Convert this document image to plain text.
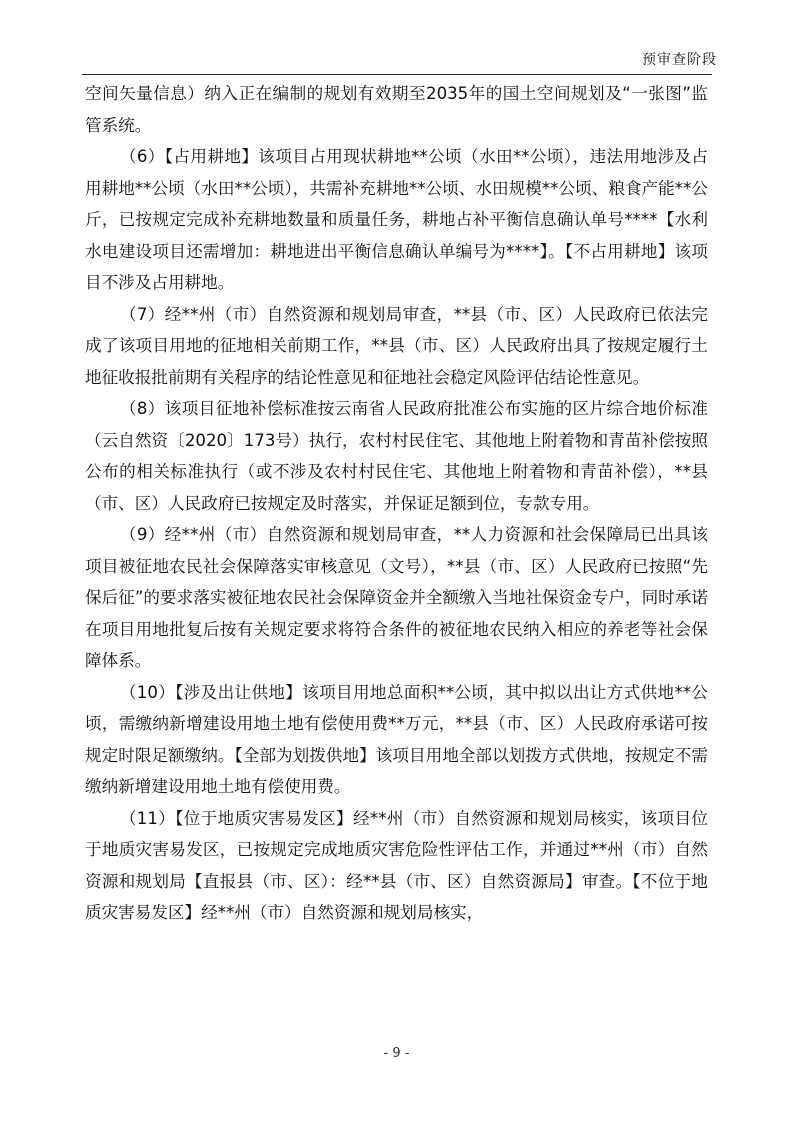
预审查阶段

空间矢量信息）纳入正在编制的规划有效期至2035年的国土空间规划及“一张图”监管系统。

（6）【占用耕地】该项目占用现状耕地**公顷（水田**公顷），违法用地涉及占用耕地**公顷（水田**公顷），共需补充耕地**公顷、水田规模**公顷、粮食产能**公斤，已按规定完成补充耕地数量和质量任务，耕地占补平衡信息确认单号****【水利水电建设项目还需增加：耕地进出平衡信息确认单编号为****】。【不占用耕地】该项目不涉及占用耕地。

（7）经**州（市）自然资源和规划局审查，**县（市、区）人民政府已依法完成了该项目用地的征地相关前期工作，**县（市、区）人民政府出具了按规定履行土地征收报批前期有关程序的结论性意见和征地社会稳定风险评估结论性意见。

（8）该项目征地补偿标准按云南省人民政府批准公布实施的区片综合地价标准（云自然资〔2020〕173号）执行，农村村民住宅、其他地上附着物和青苗补偿按照公布的相关标准执行（或不涉及农村村民住宅、其他地上附着物和青苗补偿），**县（市、区）人民政府已按规定及时落实，并保证足额到位，专款专用。

（9）经**州（市）自然资源和规划局审查，**人力资源和社会保障局已出具该项目被征地农民社会保障落实审核意见（文号），**县（市、区）人民政府已按照“先保后征”的要求落实被征地农民社会保障资金并全额缴入当地社保资金专户，同时承诺在项目用地批复后按有关规定要求将符合条件的被征地农民纳入相应的养老等社会保障体系。

（10）【涉及出让供地】该项目用地总面积**公顷，其中拟以出让方式供地**公顷，需缴纳新增建设用地土地有偿使用费**万元，**县（市、区）人民政府承诺可按规定时限足额缴纳。【全部为划拨供地】该项目用地全部以划拨方式供地，按规定不需缴纳新增建设用地土地有偿使用费。

（11）【位于地质灾害易发区】经**州（市）自然资源和规划局核实，该项目位于地质灾害易发区，已按规定完成地质灾害危险性评估工作，并通过**州（市）自然资源和规划局【直报县（市、区）：经**县（市、区）自然资源局】审查。【不位于地质灾害易发区】经**州（市）自然资源和规划局核实，

- 9 -
